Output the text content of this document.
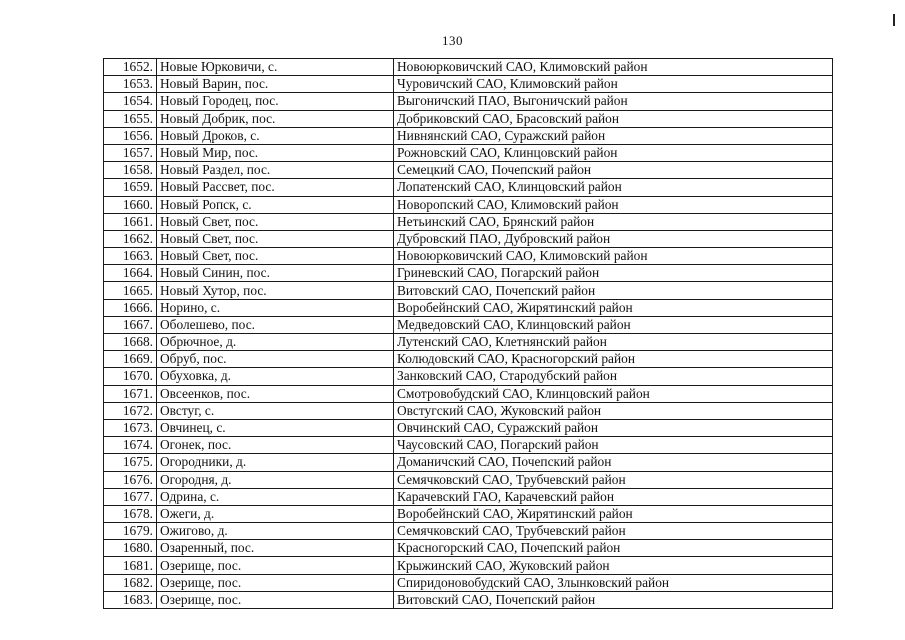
130
1652.	Новые Юрковичи, с.	Новоюрковичский САО, Климовский район
1653.	Новый Варин, пос.	Чуровичский САО, Климовский район
1654.	Новый Городец, пос.	Выгоничский ПАО, Выгоничский район
1655.	Новый Добрик, пос.	Добриковский САО, Брасовский район
1656.	Новый Дроков, с.	Нивнянский САО, Суражский район
1657.	Новый Мир, пос.	Рожновский САО, Клинцовский район
1658.	Новый Раздел, пос.	Семецкий САО, Почепский район
1659.	Новый Рассвет, пос.	Лопатенский САО, Клинцовский район
1660.	Новый Ропск, с.	Новоропский САО, Климовский район
1661.	Новый Свет, пос.	Нетьинский САО, Брянский район
1662.	Новый Свет, пос.	Дубровский ПАО, Дубровский район
1663.	Новый Свет, пос.	Новоюрковичский САО, Климовский район
1664.	Новый Синин, пос.	Гриневский САО, Погарский район
1665.	Новый Хутор, пос.	Витовский САО, Почепский район
1666.	Норино, с.	Воробейнский САО, Жирятинский район
1667.	Оболешево, пос.	Медведовский САО, Клинцовский район
1668.	Обрючное, д.	Лутенский САО, Клетнянский район
1669.	Обруб, пос.	Колюдовский САО, Красногорский район
1670.	Обуховка, д.	Занковский САО, Стародубский район
1671.	Овсеенков, пос.	Смотровобудский САО, Клинцовский район
1672.	Овстуг, с.	Овстугский САО, Жуковский район
1673.	Овчинец, с.	Овчинский САО, Суражский район
1674.	Огонек, пос.	Чаусовский САО, Погарский район
1675.	Огородники, д.	Доманичский САО, Почепский район
1676.	Огородня, д.	Семячковский САО, Трубчевский район
1677.	Одрина, с.	Карачевский ГАО, Карачевский район
1678.	Ожеги, д.	Воробейнский САО, Жирятинский район
1679.	Ожигово, д.	Семячковский САО, Трубчевский район
1680.	Озаренный, пос.	Красногорский САО, Почепский район
1681.	Озерище, пос.	Крыжинский САО, Жуковский район
1682.	Озерище, пос.	Спиридоновобудский САО, Злынковский район
1683.	Озерище, пос.	Витовский САО, Почепский район
